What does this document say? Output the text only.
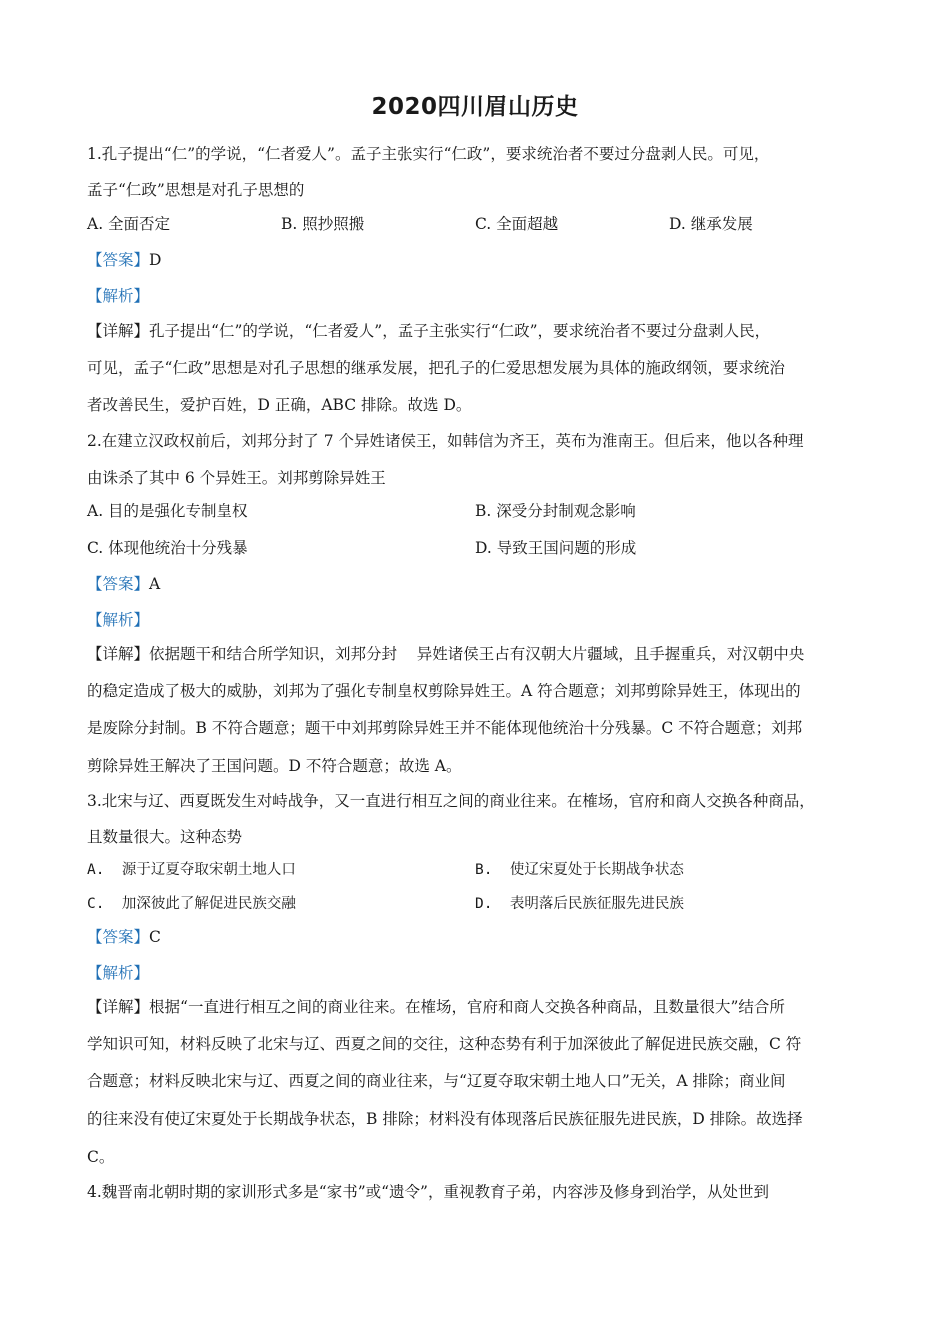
2020四川眉山历史
1.孔子提出“仁”的学说，“仁者爱人”。孟子主张实行“仁政”，要求统治者不要过分盘剥人民。可见，
孟子“仁政”思想是对孔子思想的
A. 全面否定	B. 照抄照搬	C. 全面超越	D. 继承发展
【答案】D
【解析】
【详解】孔子提出“仁”的学说，“仁者爱人”，孟子主张实行“仁政”，要求统治者不要过分盘剥人民，
可见，孟子“仁政”思想是对孔子思想的继承发展，把孔子的仁爱思想发展为具体的施政纲领，要求统治
者改善民生，爱护百姓，D 正确，ABC 排除。故选 D。
2.在建立汉政权前后，刘邦分封了 7 个异姓诸侯王，如韩信为齐王，英布为淮南王。但后来，他以各种理
由诛杀了其中 6 个异姓王。刘邦剪除异姓王
A. 目的是强化专制皇权	B. 深受分封制观念影响
C. 体现他统治十分残暴	D. 导致王国问题的形成
【答案】A
【解析】
【详解】依据题干和结合所学知识，刘邦分封    异姓诸侯王占有汉朝大片疆域，且手握重兵，对汉朝中央
的稳定造成了极大的威胁，刘邦为了强化专制皇权剪除异姓王。A 符合题意；刘邦剪除异姓王，体现出的
是废除分封制。B 不符合题意；题干中刘邦剪除异姓王并不能体现他统治十分残暴。C 不符合题意；刘邦
剪除异姓王解决了王国问题。D 不符合题意；故选 A。
3.北宋与辽、西夏既发生对峙战争，又一直进行相互之间的商业往来。在榷场，官府和商人交换各种商品，
且数量很大。这种态势
A.  源于辽夏夺取宋朝土地人口	B.  使辽宋夏处于长期战争状态
C.  加深彼此了解促进民族交融	D.  表明落后民族征服先进民族
【答案】C
【解析】
【详解】根据“一直进行相互之间的商业往来。在榷场，官府和商人交换各种商品，且数量很大”结合所
学知识可知，材料反映了北宋与辽、西夏之间的交往，这种态势有利于加深彼此了解促进民族交融，C 符
合题意；材料反映北宋与辽、西夏之间的商业往来，与“辽夏夺取宋朝土地人口”无关，A 排除；商业间
的往来没有使辽宋夏处于长期战争状态，B 排除；材料没有体现落后民族征服先进民族，D 排除。故选择
C。
4.魏晋南北朝时期的家训形式多是“家书”或“遗令”，重视教育子弟，内容涉及修身到治学，从处世到
